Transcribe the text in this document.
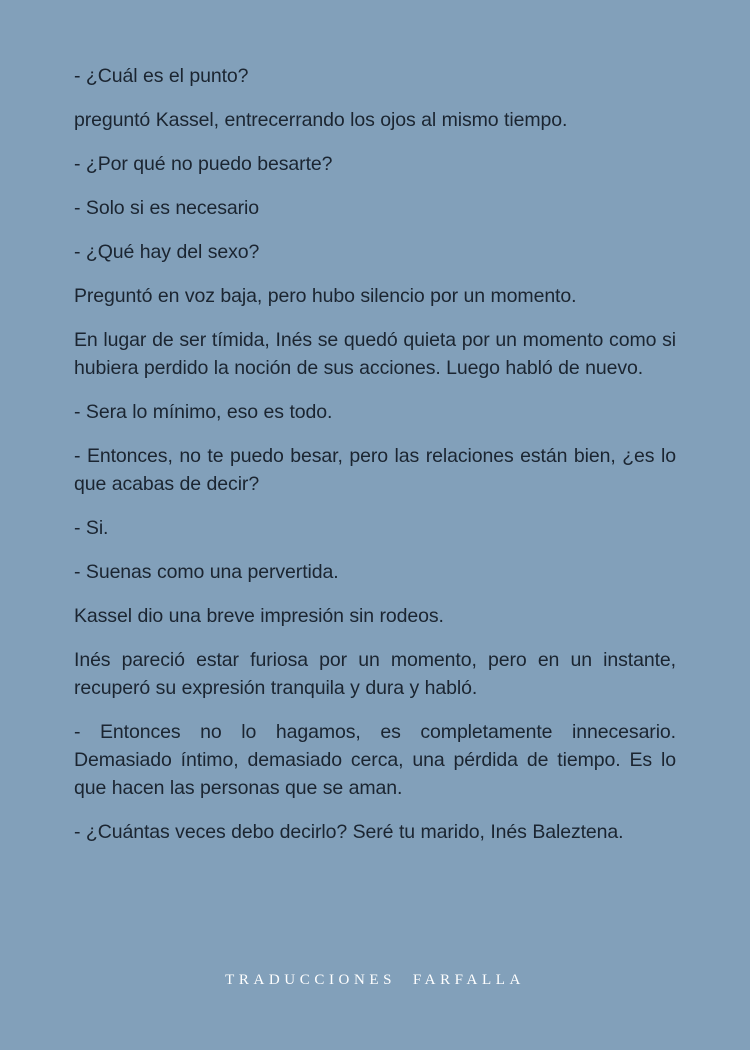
- ¿Cuál es el punto?

preguntó Kassel, entrecerrando los ojos al mismo tiempo.

- ¿Por qué no puedo besarte?

- Solo si es necesario

- ¿Qué hay del sexo?

Preguntó en voz baja, pero hubo silencio por un momento.

En lugar de ser tímida, Inés se quedó quieta por un momento como si hubiera perdido la noción de sus acciones. Luego habló de nuevo.

- Sera lo mínimo, eso es todo.

- Entonces, no te puedo besar, pero las relaciones están bien, ¿es lo que acabas de decir?

- Si.

- Suenas como una pervertida.

Kassel dio una breve impresión sin rodeos.

Inés pareció estar furiosa por un momento, pero en un instante, recuperó su expresión tranquila y dura y habló.

- Entonces no lo hagamos, es completamente innecesario. Demasiado íntimo, demasiado cerca, una pérdida de tiempo. Es lo que hacen las personas que se aman.

- ¿Cuántas veces debo decirlo? Seré tu marido, Inés Baleztena.

TRADUCCIONES  FARFALLA
